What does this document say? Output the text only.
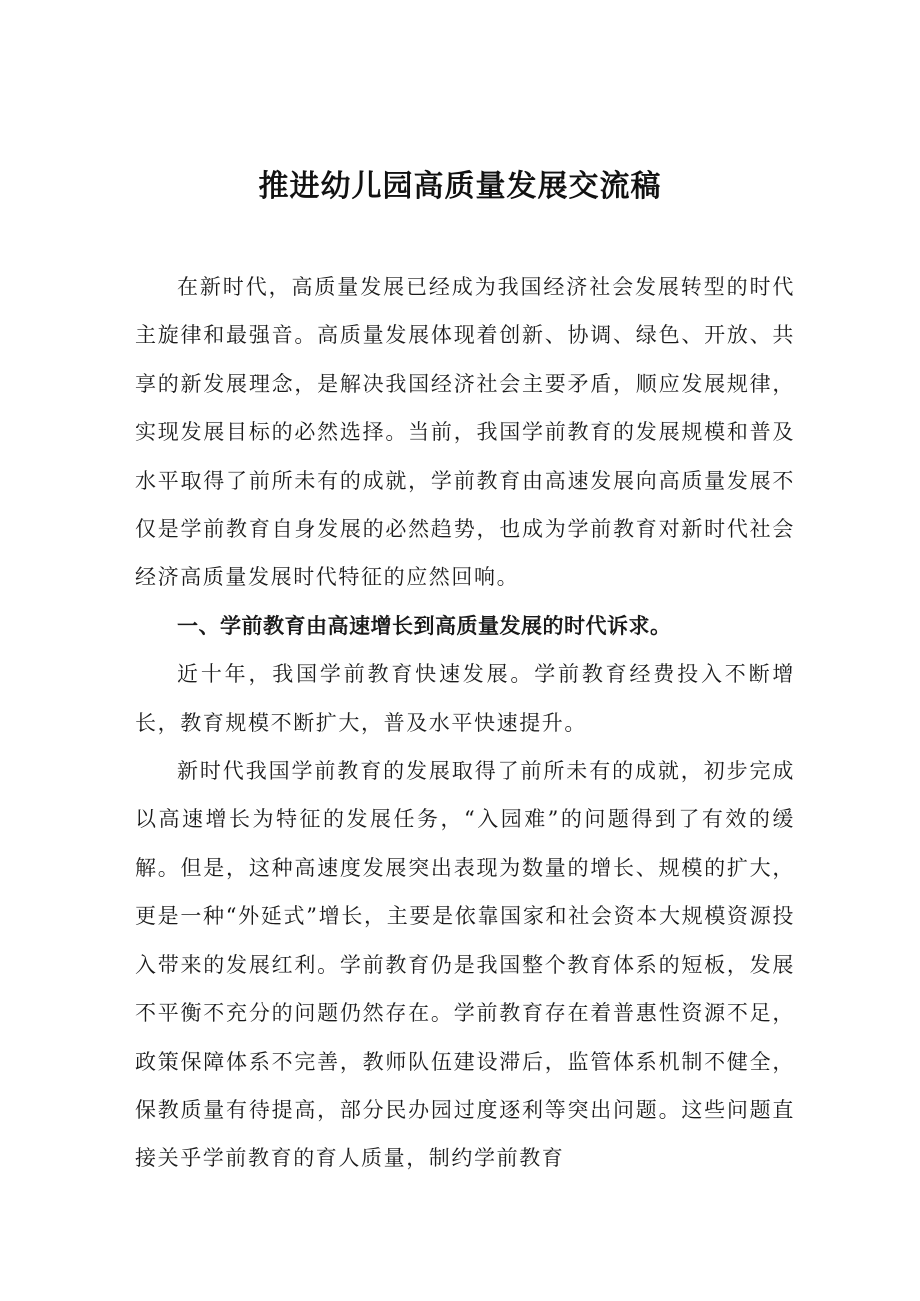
推进幼儿园高质量发展交流稿

在新时代，高质量发展已经成为我国经济社会发展转型的时代主旋律和最强音。高质量发展体现着创新、协调、绿色、开放、共享的新发展理念，是解决我国经济社会主要矛盾，顺应发展规律，实现发展目标的必然选择。当前，我国学前教育的发展规模和普及水平取得了前所未有的成就，学前教育由高速发展向高质量发展不仅是学前教育自身发展的必然趋势，也成为学前教育对新时代社会经济高质量发展时代特征的应然回响。

一、学前教育由高速增长到高质量发展的时代诉求。

近十年，我国学前教育快速发展。学前教育经费投入不断增长，教育规模不断扩大，普及水平快速提升。

新时代我国学前教育的发展取得了前所未有的成就，初步完成以高速增长为特征的发展任务，“入园难”的问题得到了有效的缓解。但是，这种高速度发展突出表现为数量的增长、规模的扩大，更是一种“外延式”增长，主要是依靠国家和社会资本大规模资源投入带来的发展红利。学前教育仍是我国整个教育体系的短板，发展不平衡不充分的问题仍然存在。学前教育存在着普惠性资源不足，政策保障体系不完善，教师队伍建设滞后，监管体系机制不健全，保教质量有待提高，部分民办园过度逐利等突出问题。这些问题直接关乎学前教育的育人质量，制约学前教育
